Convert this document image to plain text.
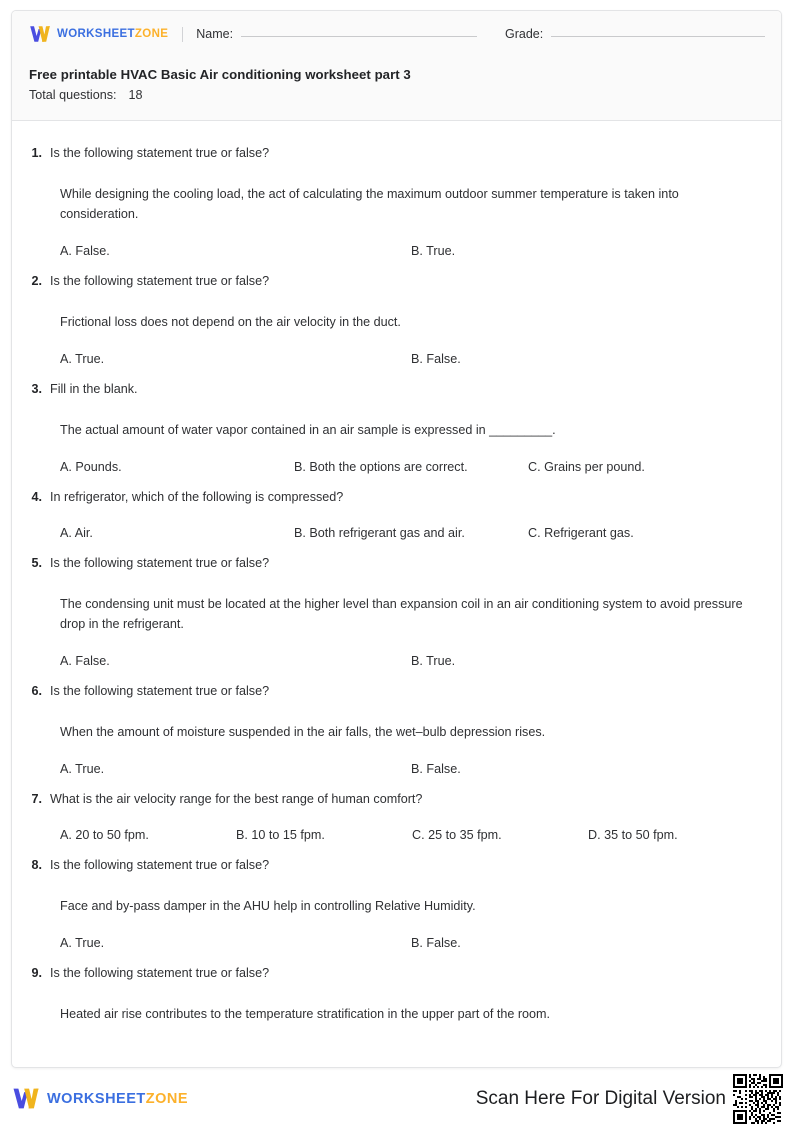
WORKSHEETZONE Name:	Grade:
Free printable HVAC Basic Air conditioning worksheet part 3
Total questions: 18
1. Is the following statement true or false?
While designing the cooling load, the act of calculating the maximum outdoor summer temperature is taken into consideration.
A. False.	B. True.
2. Is the following statement true or false?
Frictional loss does not depend on the air velocity in the duct.
A. True.	B. False.
3. Fill in the blank.
The actual amount of water vapor contained in an air sample is expressed in _________.
A. Pounds.	B. Both the options are correct.	C. Grains per pound.
4. In refrigerator, which of the following is compressed?
A. Air.	B. Both refrigerant gas and air.	C. Refrigerant gas.
5. Is the following statement true or false?
The condensing unit must be located at the higher level than expansion coil in an air conditioning system to avoid pressure drop in the refrigerant.
A. False.	B. True.
6. Is the following statement true or false?
When the amount of moisture suspended in the air falls, the wet–bulb depression rises.
A. True.	B. False.
7. What is the air velocity range for the best range of human comfort?
A. 20 to 50 fpm.	B. 10 to 15 fpm.	C. 25 to 35 fpm.	D. 35 to 50 fpm.
8. Is the following statement true or false?
Face and by-pass damper in the AHU help in controlling Relative Humidity.
A. True.	B. False.
9. Is the following statement true or false?
Heated air rise contributes to the temperature stratification in the upper part of the room.
WORKSHEETZONE	Scan Here For Digital Version
